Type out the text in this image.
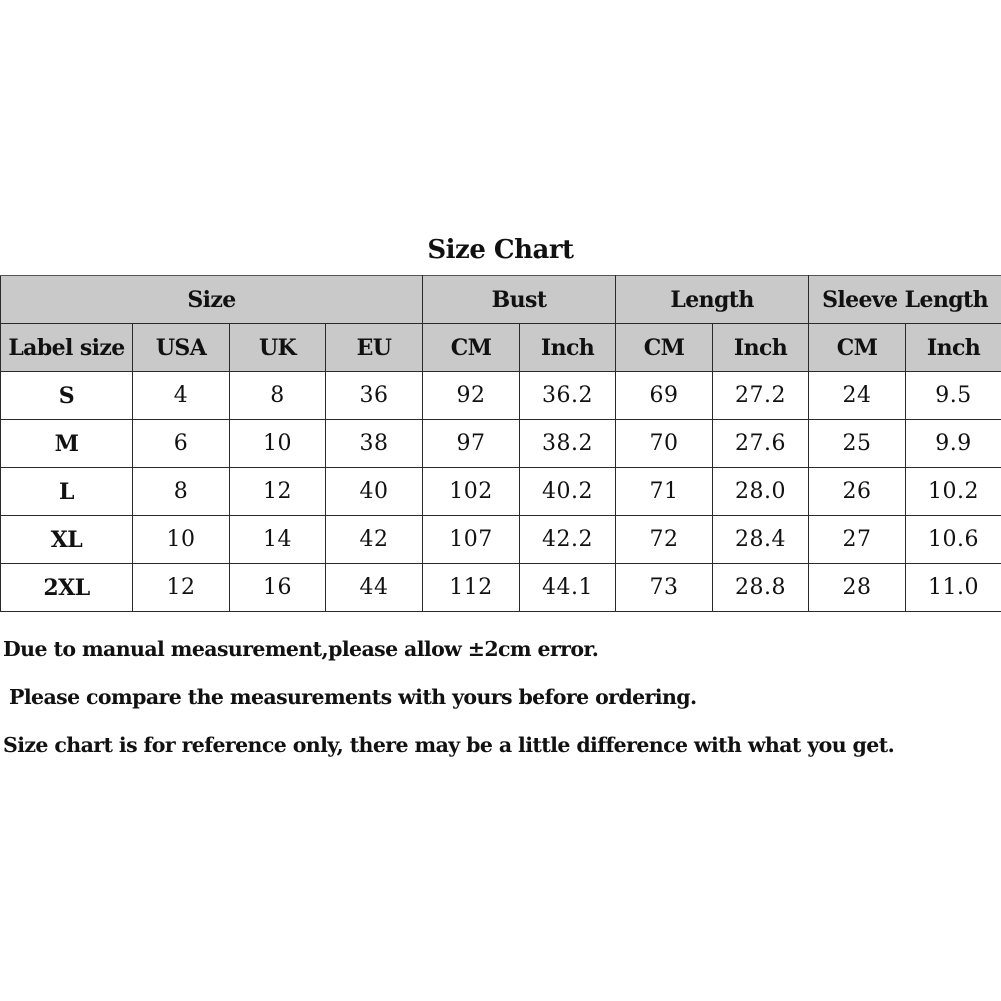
Size Chart
Size				Bust		Length		Sleeve Length	
Label size	USA	UK	EU	CM	Inch	CM	Inch	CM	Inch
S	4	8	36	92	36.2	69	27.2	24	9.5
M	6	10	38	97	38.2	70	27.6	25	9.9
L	8	12	40	102	40.2	71	28.0	26	10.2
XL	10	14	42	107	42.2	72	28.4	27	10.6
2XL	12	16	44	112	44.1	73	28.8	28	11.0
Due to manual measurement,please allow ±2cm error.
Please compare the measurements with yours before ordering.
Size chart is for reference only, there may be a little difference with what you get.
